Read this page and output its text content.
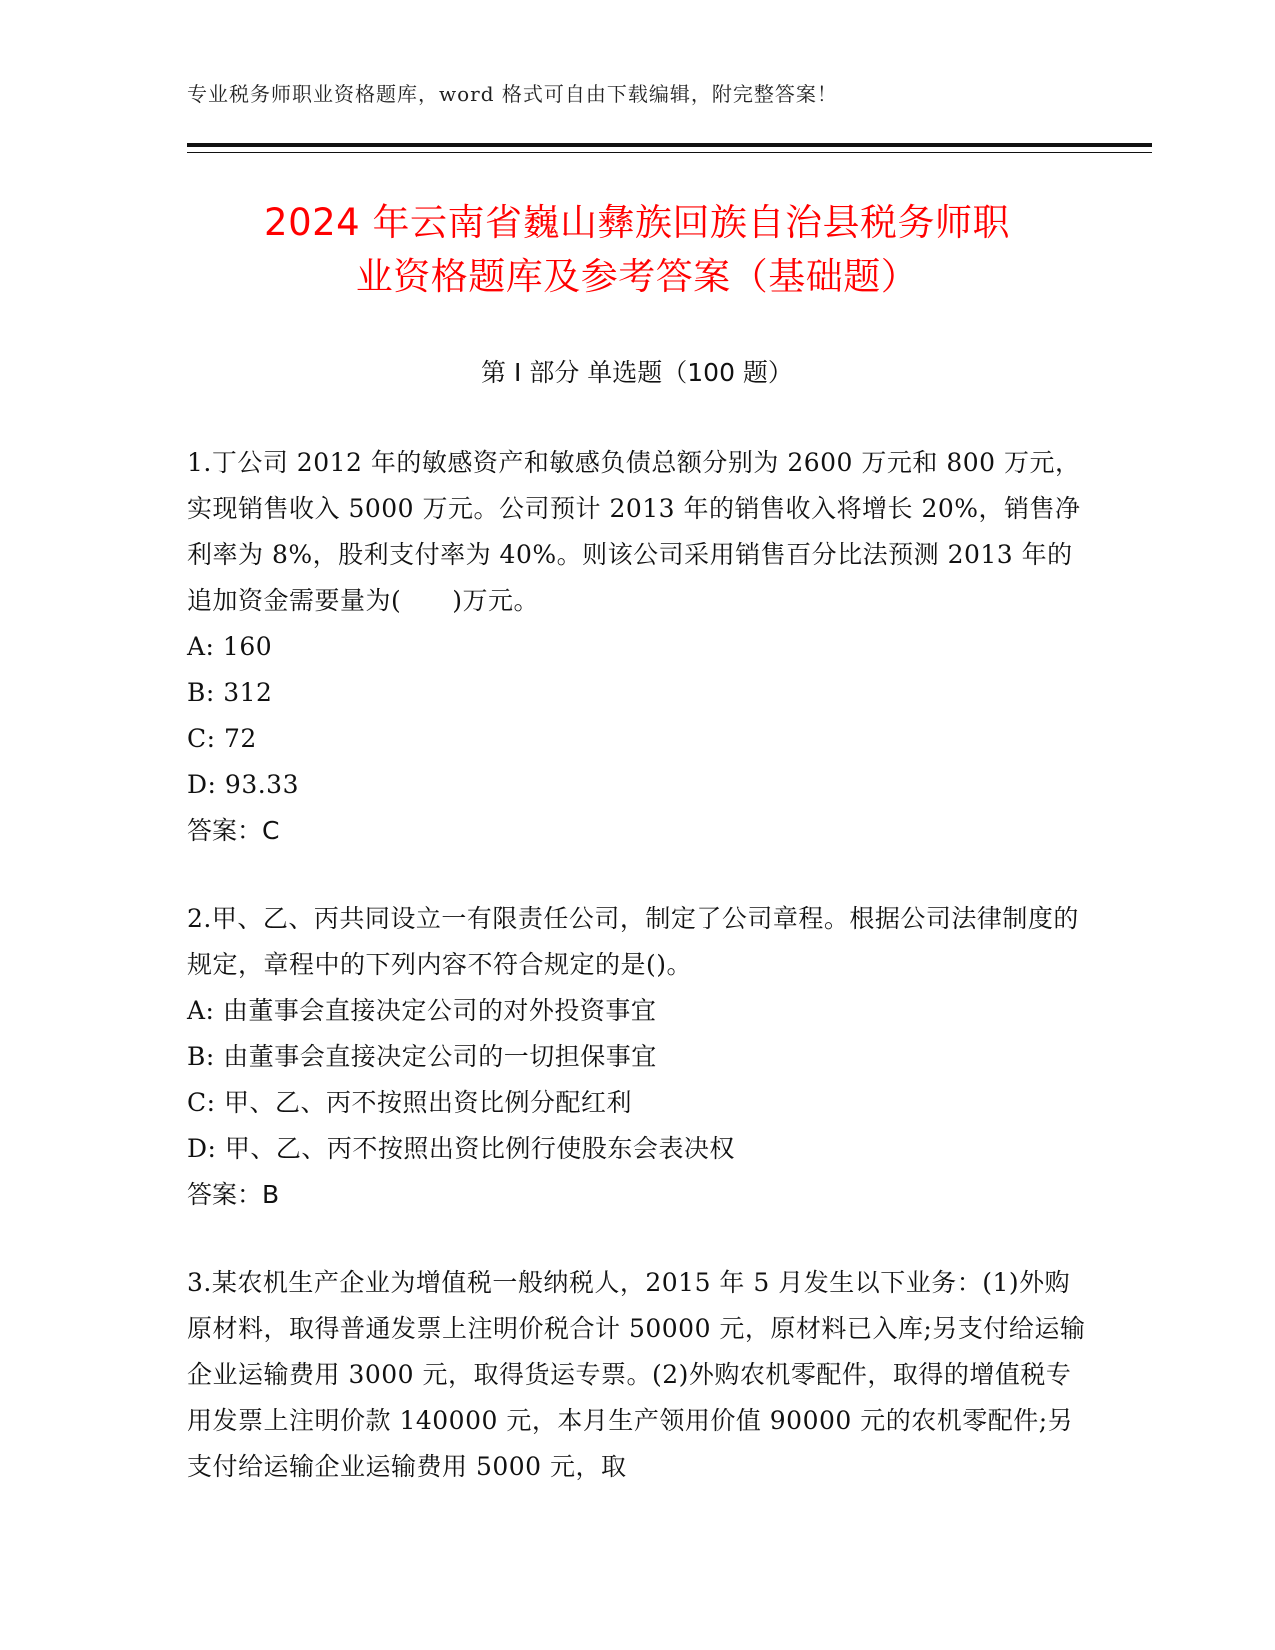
专业税务师职业资格题库，word 格式可自由下载编辑，附完整答案！
2024 年云南省巍山彝族回族自治县税务师职
业资格题库及参考答案（基础题）
第 I 部分 单选题（100 题）

1.丁公司 2012 年的敏感资产和敏感负债总额分别为 2600 万元和 800 万元，实现销售收入 5000 万元。公司预计 2013 年的销售收入将增长 20%，销售净利率为 8%，股利支付率为 40%。则该公司采用销售百分比法预测 2013 年的追加资金需要量为(　　)万元。

A: 160

B: 312

C: 72

D: 93.33

答案：C

2.甲、乙、丙共同设立一有限责任公司，制定了公司章程。根据公司法律制度的规定，章程中的下列内容不符合规定的是()。

A: 由董事会直接决定公司的对外投资事宜

B: 由董事会直接决定公司的一切担保事宜

C: 甲、乙、丙不按照出资比例分配红利

D: 甲、乙、丙不按照出资比例行使股东会表决权

答案：B

3.某农机生产企业为增值税一般纳税人，2015 年 5 月发生以下业务：(1)外购原材料，取得普通发票上注明价税合计 50000 元，原材料已入库;另支付给运输企业运输费用 3000 元，取得货运专票。(2)外购农机零配件，取得的增值税专用发票上注明价款 140000 元，本月生产领用价值 90000 元的农机零配件;另支付给运输企业运输费用 5000 元，取
